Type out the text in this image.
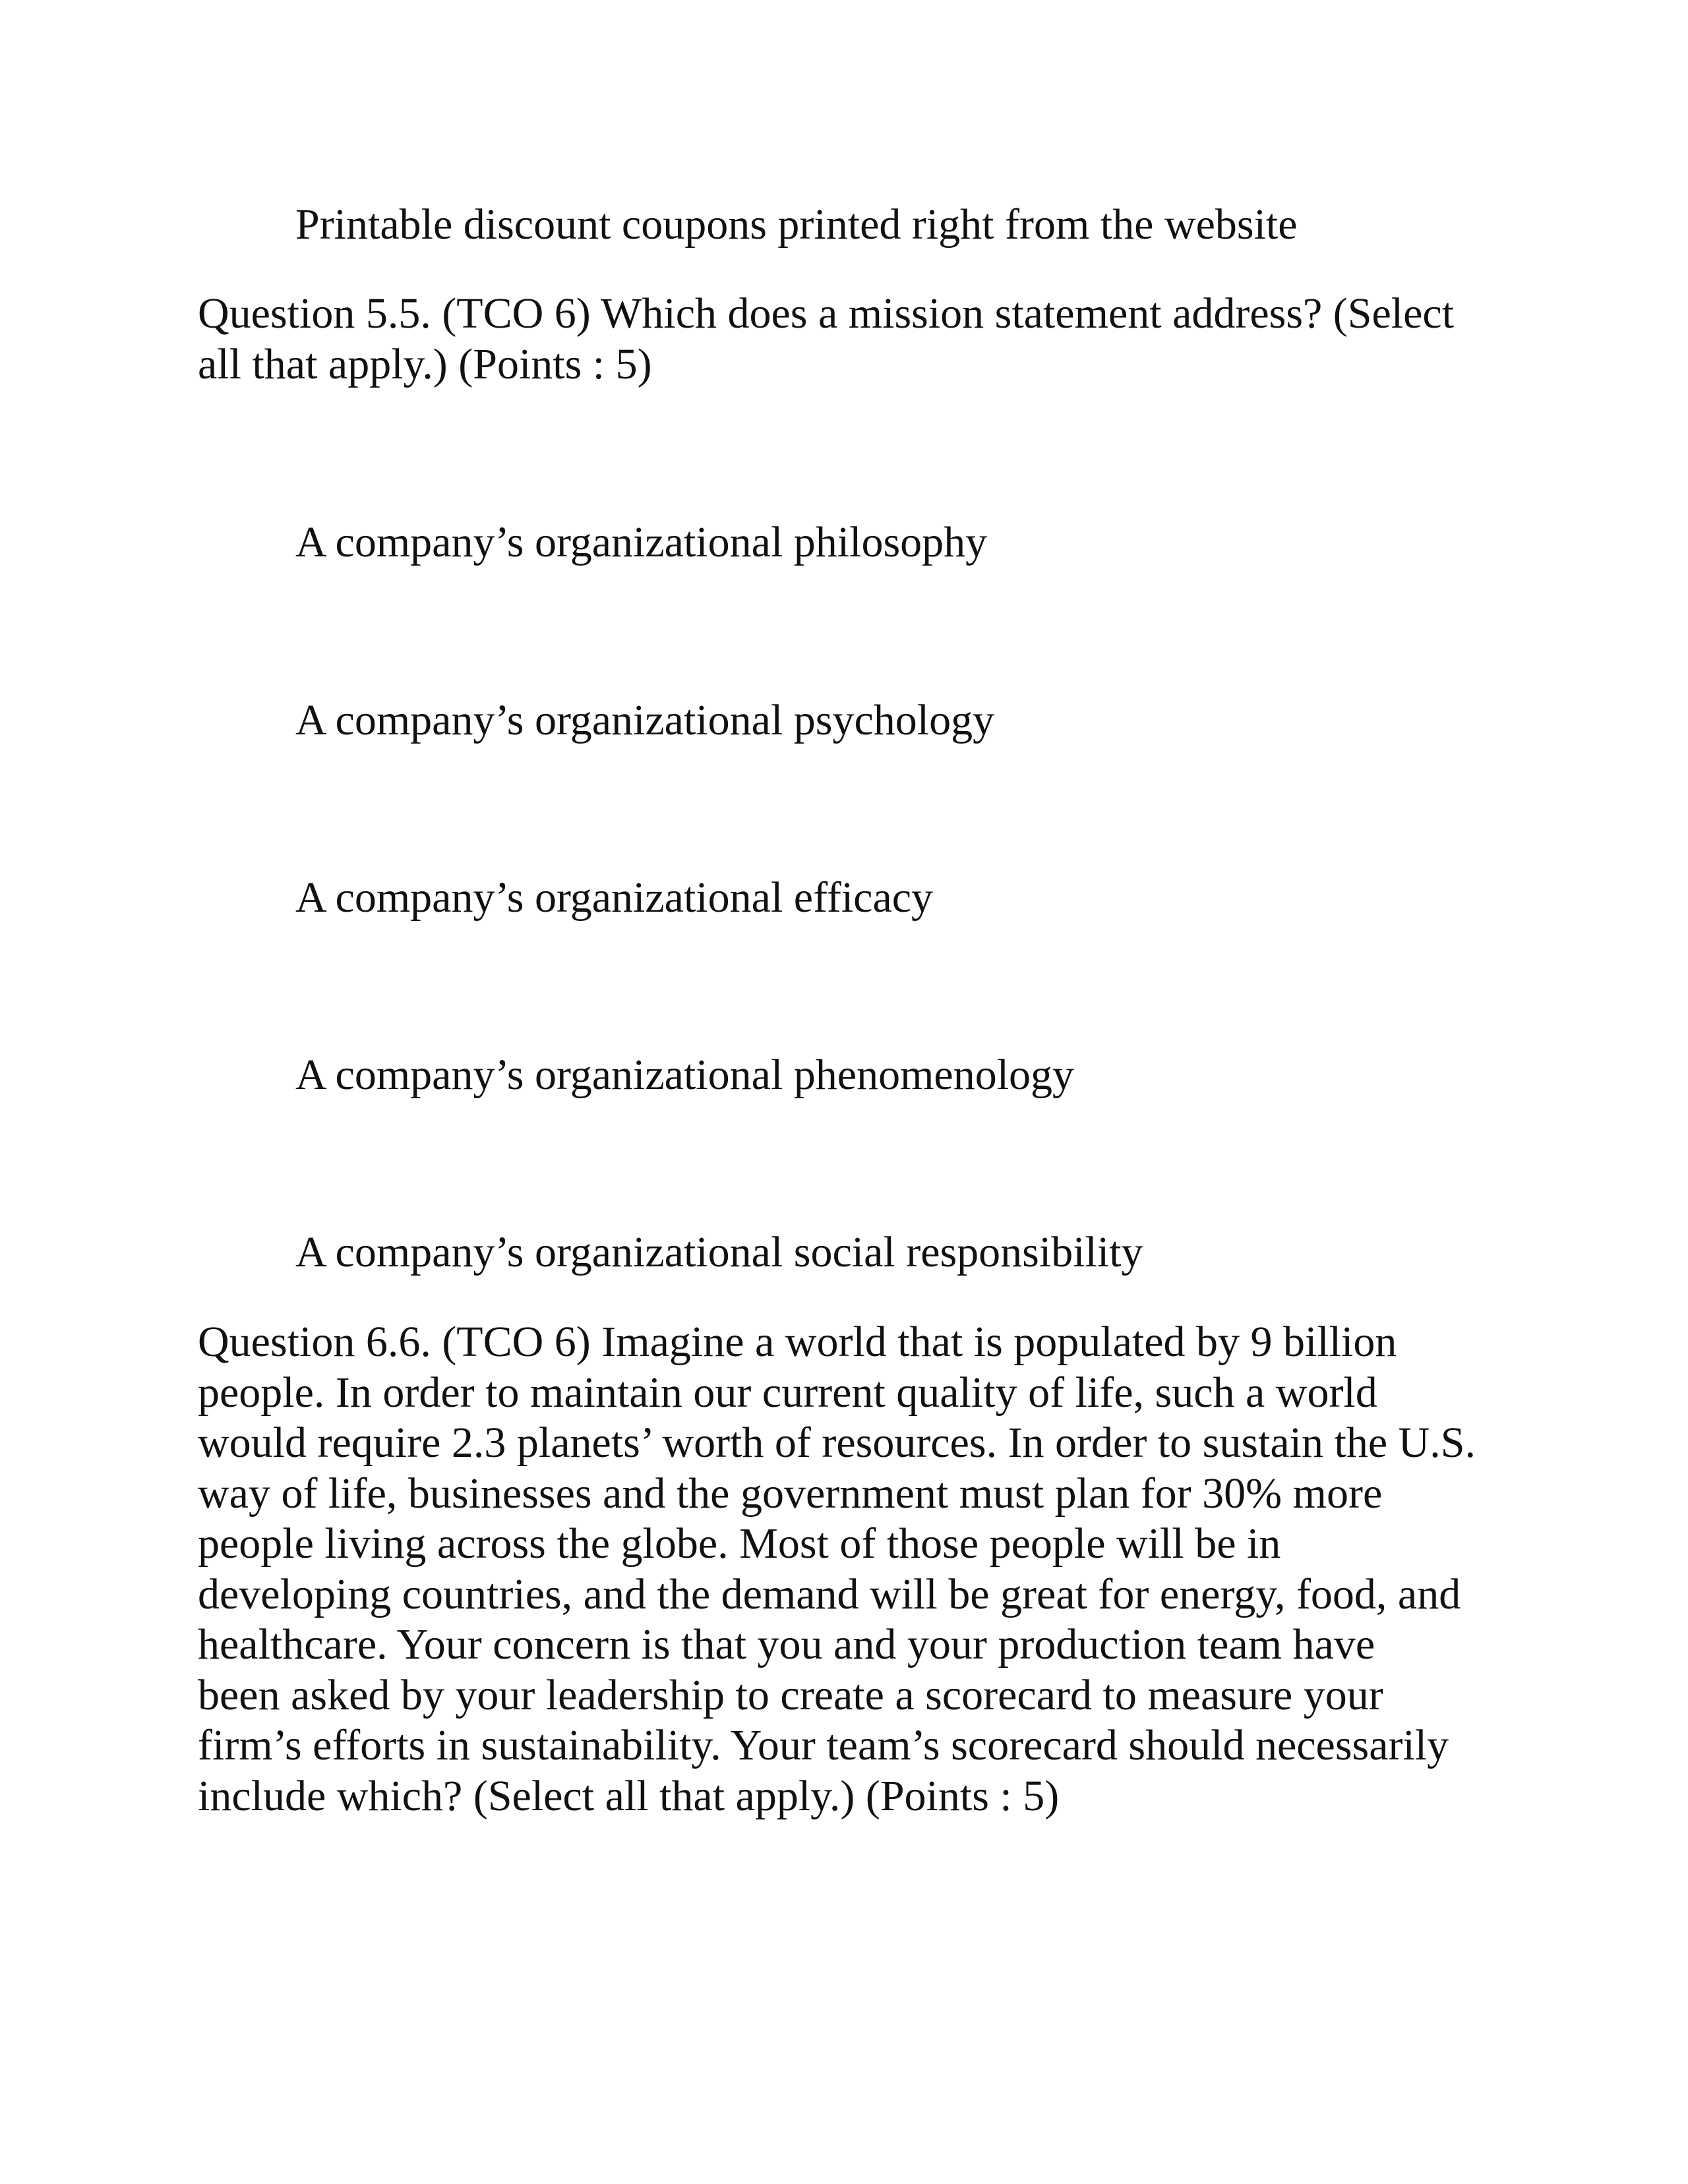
Printable discount coupons printed right from the website

Question 5.5. (TCO 6) Which does a mission statement address? (Select

all that apply.) (Points : 5)

A company’s organizational philosophy

A company’s organizational psychology

A company’s organizational efficacy

A company’s organizational phenomenology

A company’s organizational social responsibility

Question 6.6. (TCO 6) Imagine a world that is populated by 9 billion

people. In order to maintain our current quality of life, such a world

would require 2.3 planets’ worth of resources. In order to sustain the U.S.

way of life, businesses and the government must plan for 30% more

people living across the globe. Most of those people will be in

developing countries, and the demand will be great for energy, food, and

healthcare. Your concern is that you and your production team have

been asked by your leadership to create a scorecard to measure your

firm’s efforts in sustainability. Your team’s scorecard should necessarily

include which? (Select all that apply.) (Points : 5)
